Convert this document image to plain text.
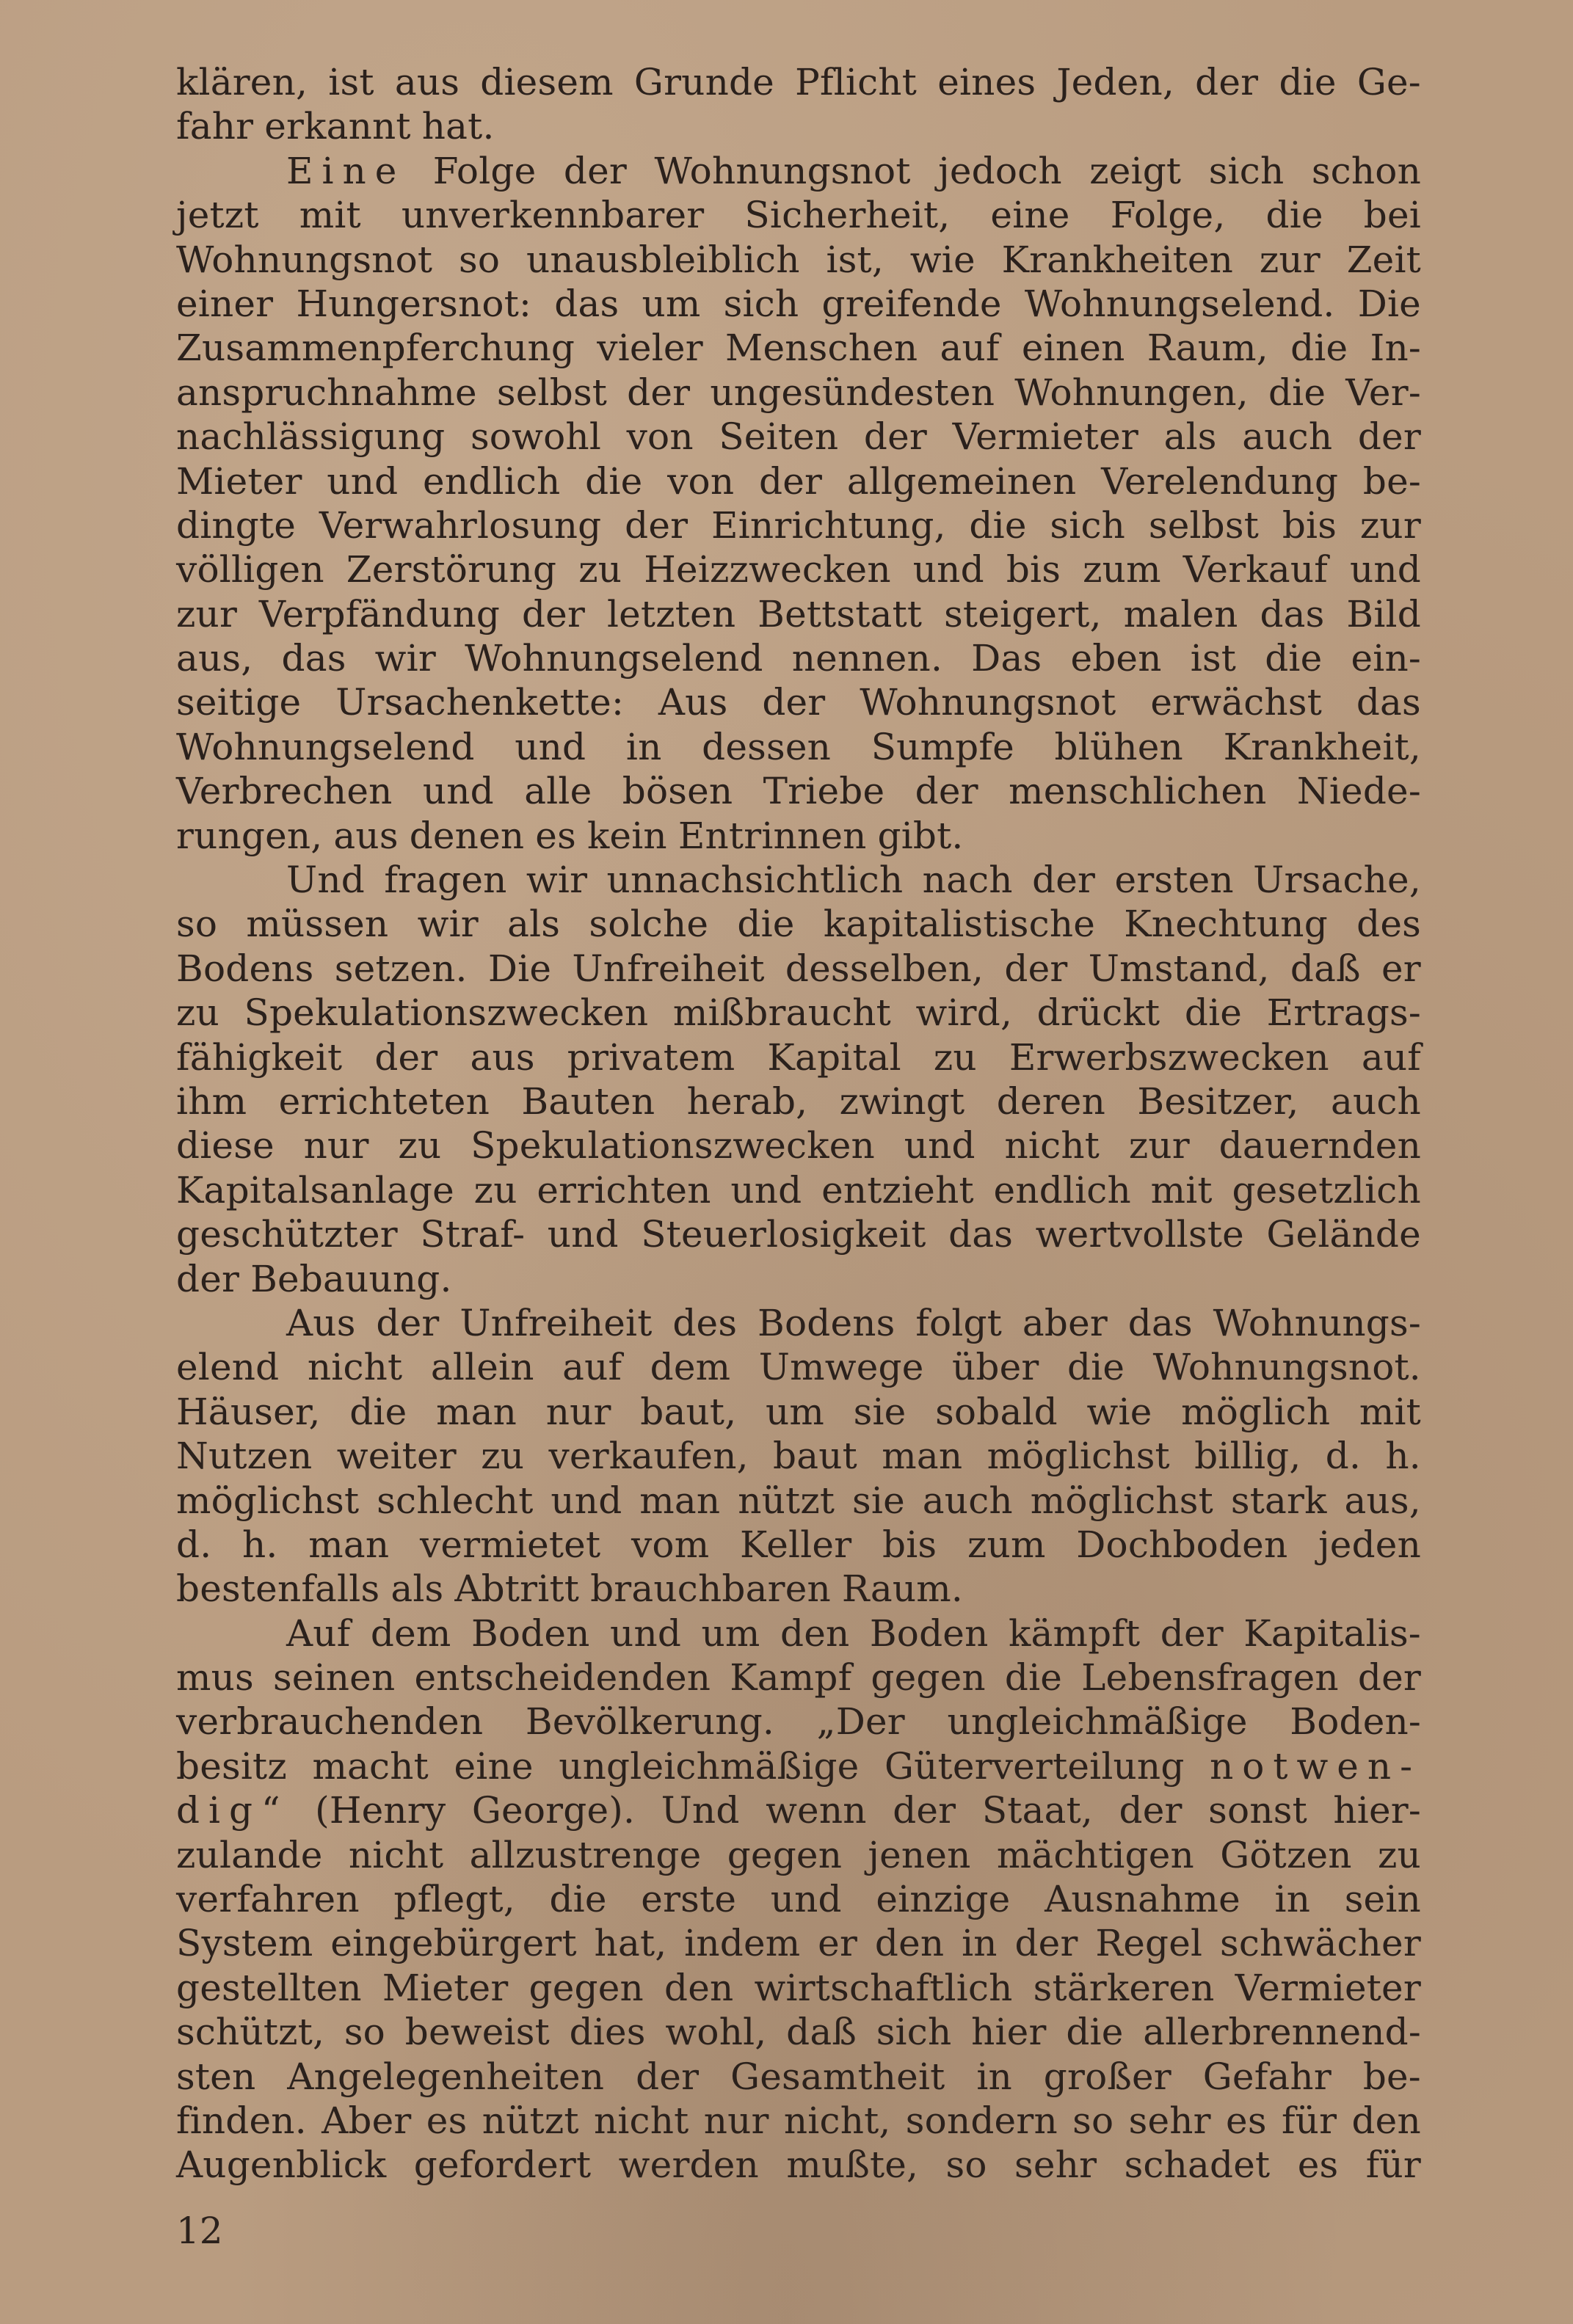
klären, ist aus diesem Grunde Pflicht eines Jeden, der die Ge-
fahr erkannt hat.
Eine Folge der Wohnungsnot jedoch zeigt sich schon
jetzt mit unverkennbarer Sicherheit, eine Folge, die bei
Wohnungsnot so unausbleiblich ist, wie Krankheiten zur Zeit
einer Hungersnot: das um sich greifende Wohnungselend. Die
Zusammenpferchung vieler Menschen auf einen Raum, die In-
anspruchnahme selbst der ungesündesten Wohnungen, die Ver-
nachlässigung sowohl von Seiten der Vermieter als auch der
Mieter und endlich die von der allgemeinen Verelendung be-
dingte Verwahrlosung der Einrichtung, die sich selbst bis zur
völligen Zerstörung zu Heizzwecken und bis zum Verkauf und
zur Verpfändung der letzten Bettstatt steigert, malen das Bild
aus, das wir Wohnungselend nennen. Das eben ist die ein-
seitige Ursachenkette: Aus der Wohnungsnot erwächst das
Wohnungselend und in dessen Sumpfe blühen Krankheit,
Verbrechen und alle bösen Triebe der menschlichen Niede-
rungen, aus denen es kein Entrinnen gibt.
Und fragen wir unnachsichtlich nach der ersten Ursache,
so müssen wir als solche die kapitalistische Knechtung des
Bodens setzen. Die Unfreiheit desselben, der Umstand, daß er
zu Spekulationszwecken mißbraucht wird, drückt die Ertrags-
fähigkeit der aus privatem Kapital zu Erwerbszwecken auf
ihm errichteten Bauten herab, zwingt deren Besitzer, auch
diese nur zu Spekulationszwecken und nicht zur dauernden
Kapitalsanlage zu errichten und entzieht endlich mit gesetzlich
geschützter Straf- und Steuerlosigkeit das wertvollste Gelände
der Bebauung.
Aus der Unfreiheit des Bodens folgt aber das Wohnungs-
elend nicht allein auf dem Umwege über die Wohnungsnot.
Häuser, die man nur baut, um sie sobald wie möglich mit
Nutzen weiter zu verkaufen, baut man möglichst billig, d. h.
möglichst schlecht und man nützt sie auch möglichst stark aus,
d. h. man vermietet vom Keller bis zum Dochboden jeden
bestenfalls als Abtritt brauchbaren Raum.
Auf dem Boden und um den Boden kämpft der Kapitalis-
mus seinen entscheidenden Kampf gegen die Lebensfragen der
verbrauchenden Bevölkerung. „Der ungleichmäßige Boden-
besitz macht eine ungleichmäßige Güterverteilung notwen-
dig“ (Henry George). Und wenn der Staat, der sonst hier-
zulande nicht allzustrenge gegen jenen mächtigen Götzen zu
verfahren pflegt, die erste und einzige Ausnahme in sein
System eingebürgert hat, indem er den in der Regel schwächer
gestellten Mieter gegen den wirtschaftlich stärkeren Vermieter
schützt, so beweist dies wohl, daß sich hier die allerbrennend-
sten Angelegenheiten der Gesamtheit in großer Gefahr be-
finden. Aber es nützt nicht nur nicht, sondern so sehr es für den
Augenblick gefordert werden mußte, so sehr schadet es für
12
